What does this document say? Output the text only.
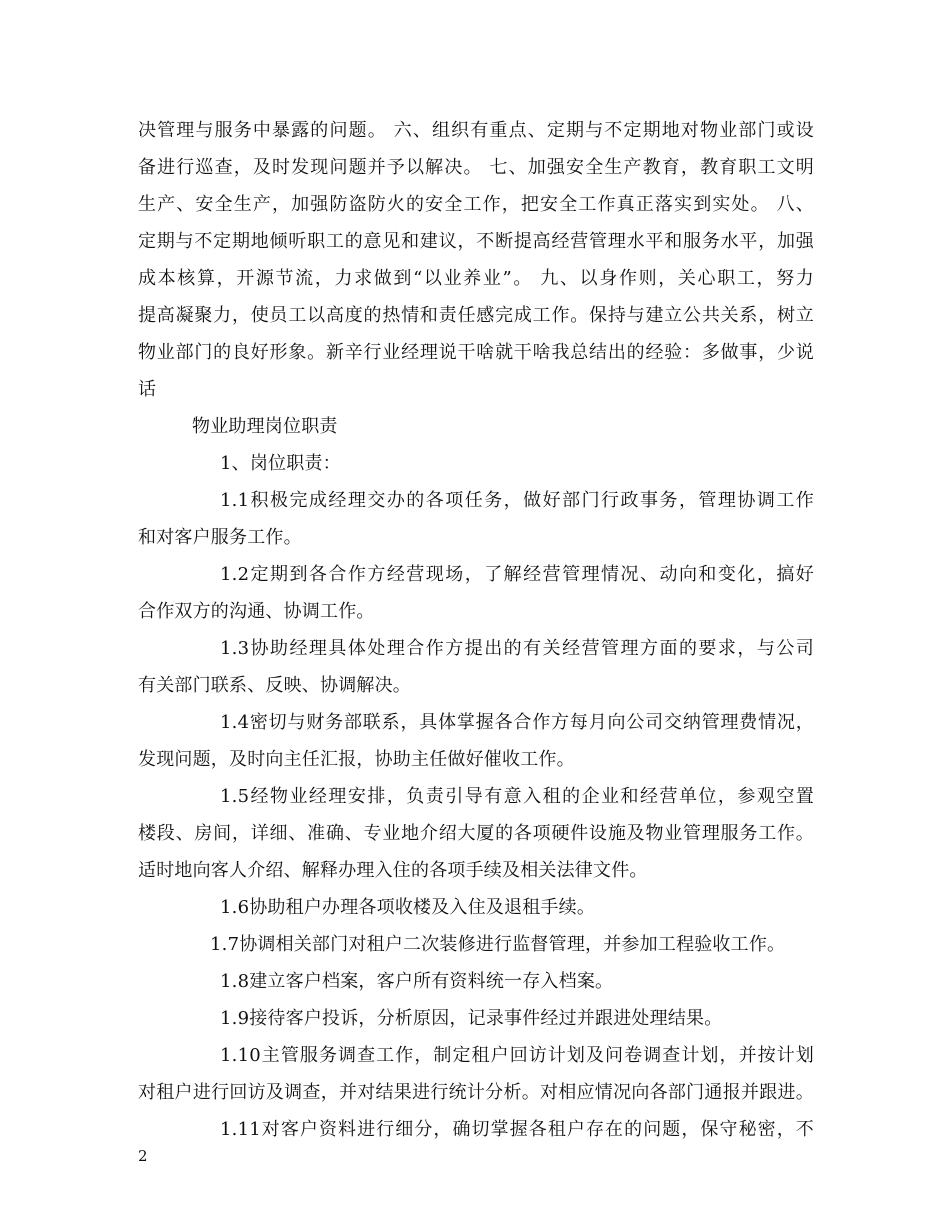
决管理与服务中暴露的问题。 六、组织有重点、定期与不定期地对物业部门或设
备进行巡查，及时发现问题并予以解决。 七、加强安全生产教育，教育职工文明
生产、安全生产，加强防盗防火的安全工作，把安全工作真正落实到实处。 八、
定期与不定期地倾听职工的意见和建议，不断提高经营管理水平和服务水平，加强
成本核算，开源节流，力求做到“以业养业”。 九、以身作则，关心职工，努力
提高凝聚力，使员工以高度的热情和责任感完成工作。保持与建立公共关系，树立
物业部门的良好形象。新辛行业经理说干啥就干啥我总结出的经验：多做事，少说
话
物业助理岗位职责
1、岗位职责：
1.1积极完成经理交办的各项任务，做好部门行政事务，管理协调工作
和对客户服务工作。
1.2定期到各合作方经营现场，了解经营管理情况、动向和变化，搞好
合作双方的沟通、协调工作。
1.3协助经理具体处理合作方提出的有关经营管理方面的要求，与公司
有关部门联系、反映、协调解决。
1.4密切与财务部联系，具体掌握各合作方每月向公司交纳管理费情况，
发现问题，及时向主任汇报，协助主任做好催收工作。
1.5经物业经理安排，负责引导有意入租的企业和经营单位，参观空置
楼段、房间，详细、准确、专业地介绍大厦的各项硬件设施及物业管理服务工作。
适时地向客人介绍、解释办理入住的各项手续及相关法律文件。
1.6协助租户办理各项收楼及入住及退租手续。
1.7协调相关部门对租户二次装修进行监督管理，并参加工程验收工作。
1.8建立客户档案，客户所有资料统一存入档案。
1.9接待客户投诉，分析原因，记录事件经过并跟进处理结果。
1.10主管服务调查工作，制定租户回访计划及问卷调查计划，并按计划
对租户进行回访及调查，并对结果进行统计分析。对相应情况向各部门通报并跟进。
1.11对客户资料进行细分，确切掌握各租户存在的问题，保守秘密，不
2
